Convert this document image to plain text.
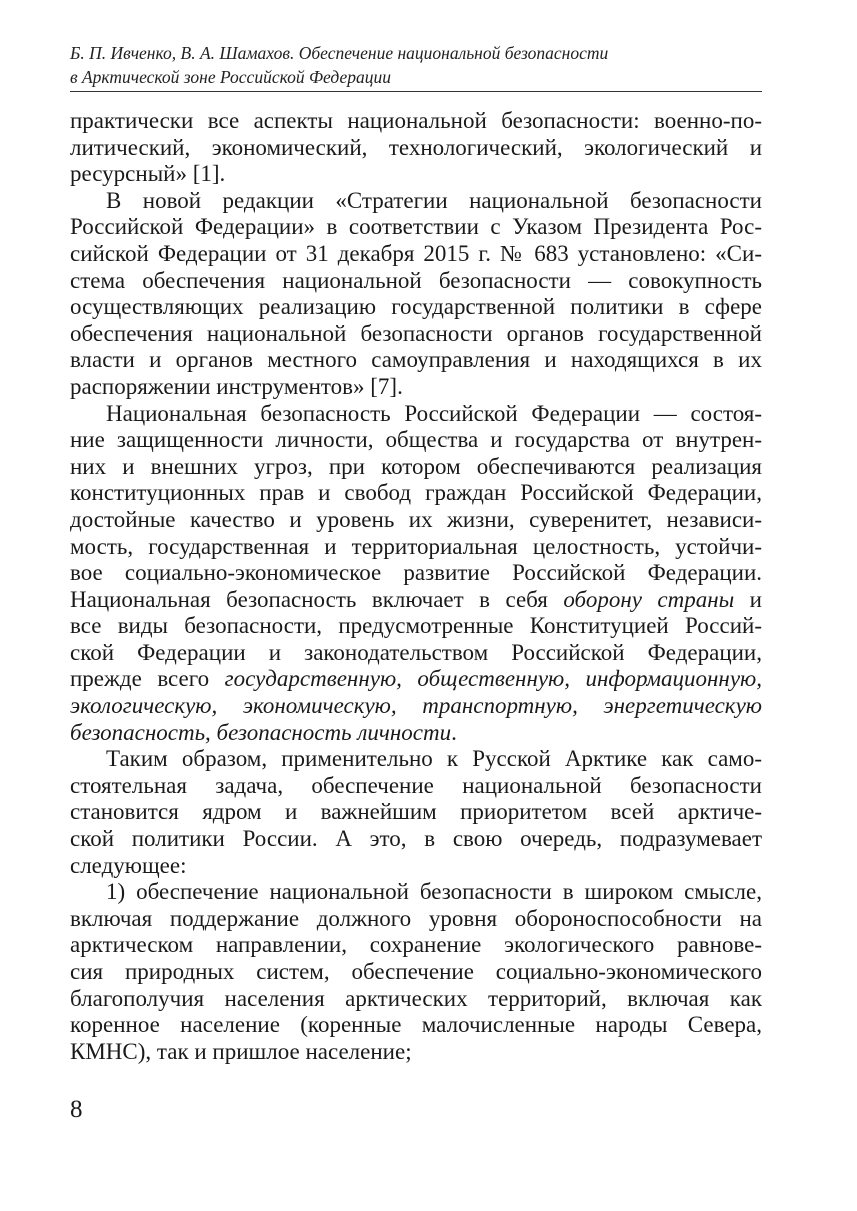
Б. П. Ивченко, В. А. Шамахов. Обеспечение национальной безопасности
в Арктической зоне Российской Федерации
практически все аспекты национальной безопасности: военно-по-
литический, экономический, технологический, экологический и
ресурсный» [1].
В новой редакции «Стратегии национальной безопасности
Российской Федерации» в соответствии с Указом Президента Рос-
сийской Федерации от 31 декабря 2015 г. № 683 установлено: «Си-
стема обеспечения национальной безопасности — совокупность
осуществляющих реализацию государственной политики в сфере
обеспечения национальной безопасности органов государственной
власти и органов местного самоуправления и находящихся в их
распоряжении инструментов» [7].
Национальная безопасность Российской Федерации — состоя-
ние защищенности личности, общества и государства от внутрен-
них и внешних угроз, при котором обеспечиваются реализация
конституционных прав и свобод граждан Российской Федерации,
достойные качество и уровень их жизни, суверенитет, независи-
мость, государственная и территориальная целостность, устойчи-
вое социально-экономическое развитие Российской Федерации.
Национальная безопасность включает в себя оборону страны и
все виды безопасности, предусмотренные Конституцией Россий-
ской Федерации и законодательством Российской Федерации,
прежде всего государственную, общественную, информационную,
экологическую, экономическую, транспортную, энергетическую
безопасность, безопасность личности.
Таким образом, применительно к Русской Арктике как само-
стоятельная задача, обеспечение национальной безопасности
становится ядром и важнейшим приоритетом всей арктиче-
ской политики России. А это, в свою очередь, подразумевает
следующее:
1) обеспечение национальной безопасности в широком смысле,
включая поддержание должного уровня обороноспособности на
арктическом направлении, сохранение экологического равнове-
сия природных систем, обеспечение социально-экономического
благополучия населения арктических территорий, включая как
коренное население (коренные малочисленные народы Севера,
КМНС), так и пришлое население;
8
